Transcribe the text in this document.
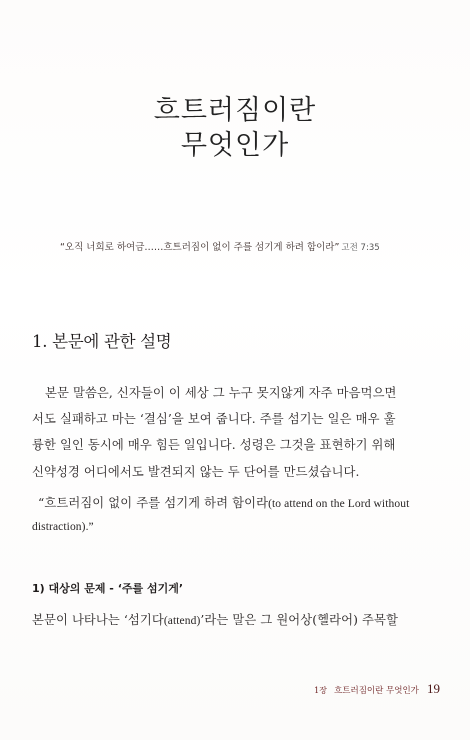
흐트러짐이란
무엇인가
“오직 너희로 하여금……흐트러짐이 없이 주를 섬기게 하려 함이라” 고전 7:35
1. 본문에 관한 설명
본문 말씀은, 신자들이 이 세상 그 누구 못지않게 자주 마음먹으면
서도 실패하고 마는 ‘결심’을 보여 줍니다. 주를 섬기는 일은 매우 훌
륭한 일인 동시에 매우 힘든 일입니다. 성령은 그것을 표현하기 위해
신약성경 어디에서도 발견되지 않는 두 단어를 만드셨습니다.
“흐트러짐이 없이 주를 섬기게 하려 함이라(to attend on the Lord without
distraction).”
1) 대상의 문제 - ‘주를 섬기게’
본문이 나타나는 ‘섬기다(attend)’라는 말은 그 원어상(헬라어) 주목할
1장 흐트러짐이란 무엇인가 19
